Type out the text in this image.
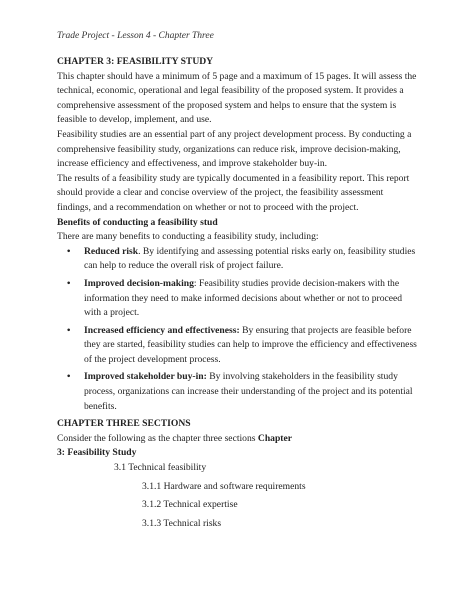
Trade Project - Lesson 4 - Chapter Three

CHAPTER 3: FEASIBILITY STUDY

This chapter should have a minimum of 5 page and a maximum of 15 pages. It will assess the technical, economic, operational and legal feasibility of the proposed system. It provides a comprehensive assessment of the proposed system and helps to ensure that the system is feasible to develop, implement, and use.

Feasibility studies are an essential part of any project development process. By conducting a comprehensive feasibility study, organizations can reduce risk, improve decision-making, increase efficiency and effectiveness, and improve stakeholder buy-in.

The results of a feasibility study are typically documented in a feasibility report. This report should provide a clear and concise overview of the project, the feasibility assessment findings, and a recommendation on whether or not to proceed with the project.

Benefits of conducting a feasibility stud

There are many benefits to conducting a feasibility study, including:

• Reduced risk. By identifying and assessing potential risks early on, feasibility studies can help to reduce the overall risk of project failure.
• Improved decision-making: Feasibility studies provide decision-makers with the information they need to make informed decisions about whether or not to proceed with a project.
• Increased efficiency and effectiveness: By ensuring that projects are feasible before they are started, feasibility studies can help to improve the efficiency and effectiveness of the project development process.
• Improved stakeholder buy-in: By involving stakeholders in the feasibility study process, organizations can increase their understanding of the project and its potential benefits.

CHAPTER THREE SECTIONS

Consider the following as the chapter three sections Chapter

3: Feasibility Study

3.1 Technical feasibility

3.1.1 Hardware and software requirements

3.1.2 Technical expertise

3.1.3 Technical risks
